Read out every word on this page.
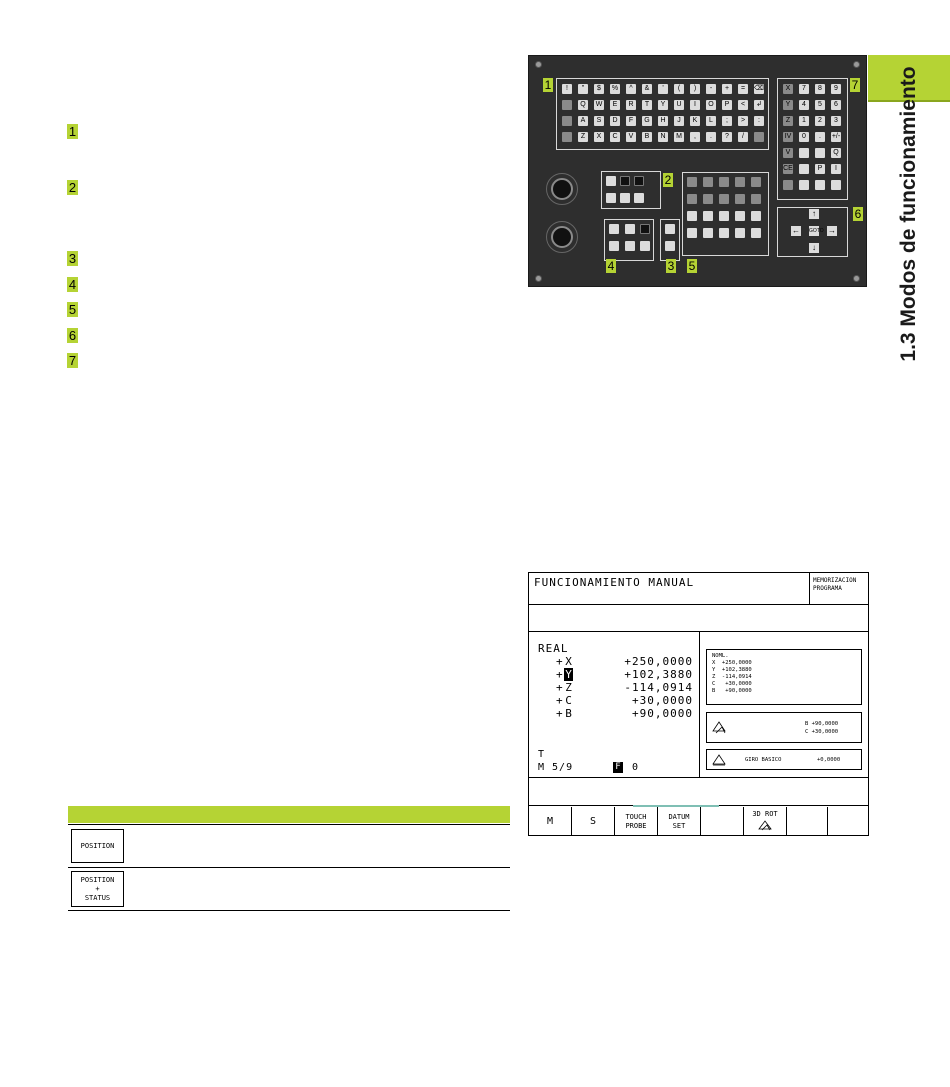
1.3 Modos de funcionamiento
1
2
3
4
5
6
7
1
2
3
4	5
6
7
↑
← GOTO →
↓
!	"	$	%	^	&	'	(	)	-	+	=	⌫
Q	W	E	R	T	Y	U	I	O	P	<	↲
A	S	D	F	G	H	J	K	L	;	>	:
Z	X	C	V	B	N	M	,	.	?	/
X	7	8	9
Y	4	5	6
Z	1	2	3
IV	0	.	+/-
V	Q
CE	P	I
FUNCIONAMIENTO MANUAL	MEMORIZACION
PROGRAMA
REAL
T
M 5/9	F 0
NOML.
X  +250,0000
Y  +102,3880
Z  -114,0914
C   +30,0000
B   +90,0000
B +90,0000
C +30,0000
GIRO BASICO	+0,0000
M	S	TOUCH
PROBE
DATUM
SET
3D ROT
+ X	+250,0000
+ Y	+102,3880
+ Z	-114,0914
+ C	+30,0000
+ B	+90,0000
POSITION
POSITION
+
STATUS
